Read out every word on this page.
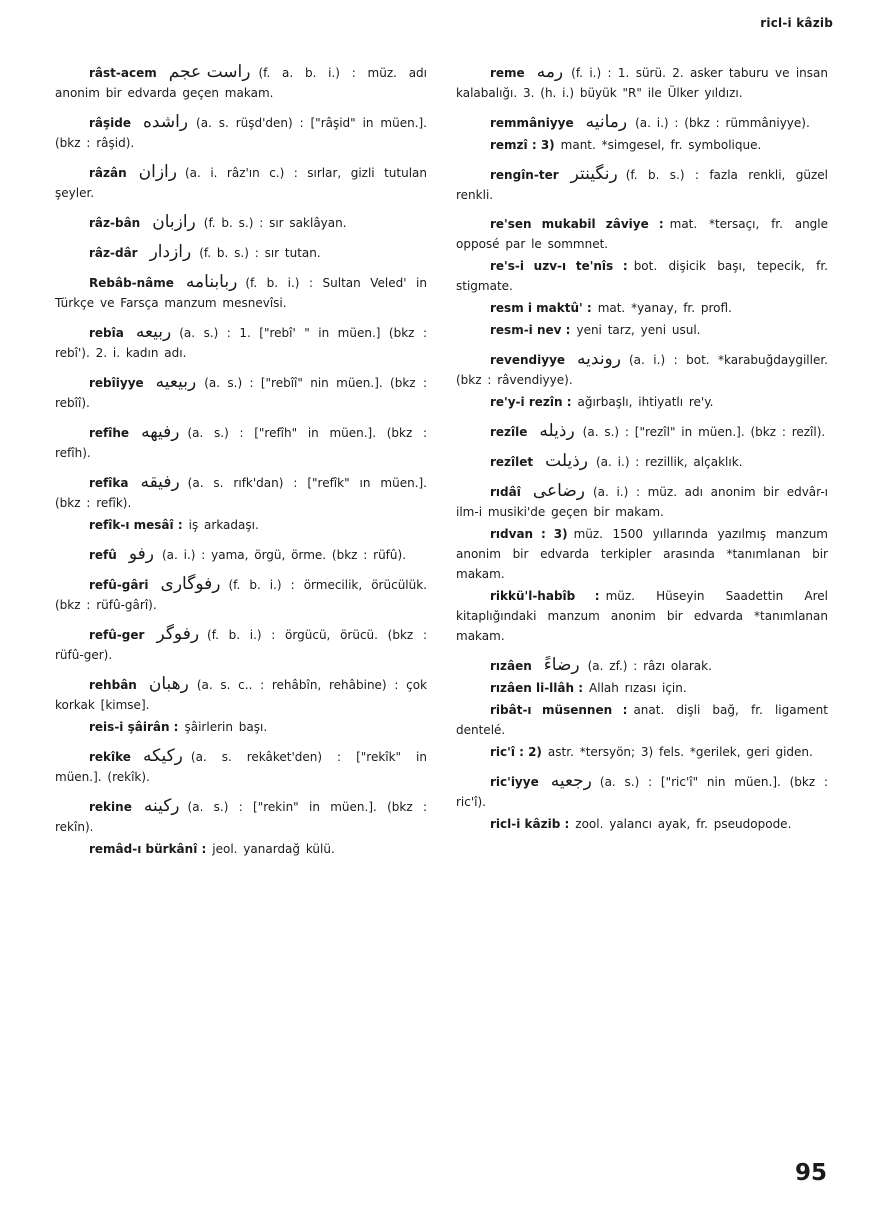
ricl-i kâzib
râst-acem راست عجم (f. a. b. i.) : müz. adı anonim bir edvarda geçen makam.
râşide راشده (a. s. rüşd'den) : ["râşid" in müen.]. (bkz : râşid).
râzân رازان (a. i. râz'ın c.) : sırlar, gizli tutulan şeyler.
râz-bân رازبان (f. b. s.) : sır saklâyan.
râz-dâr رازدار (f. b. s.) : sır tutan.
Rebâb-nâme ربابنامه (f. b. i.) : Sultan Veled' in Türkçe ve Farsça manzum mesnevîsi.
rebîa ربيعه (a. s.) : 1. ["rebî' " in müen.] (bkz : rebî'). 2. i. kadın adı.
rebîiyye ربيعيه (a. s.) : ["rebîî" nin müen.]. (bkz : rebîî).
refîhe رفيهه (a. s.) : ["refîh" in müen.]. (bkz : refîh).
refîka رفيقه (a. s. rıfk'dan) : ["refîk" ın müen.]. (bkz : refîk).
refîk-ı mesâî : iş arkadaşı.
refû رفو (a. i.) : yama, örgü, örme. (bkz : rüfû).
refû-gâri رفوگاری (f. b. i.) : örmecilik, örücülük. (bkz : rüfû-gârî).
refû-ger رفوگر (f. b. i.) : örgücü, örücü. (bkz : rüfû-ger).
rehbân رهبان (a. s. c.. : rehâbîn, rehâbine) : çok korkak [kimse].
reis-i şâirân : şâirlerin başı.
rekîke ركيكه (a. s. rekâket'den) : ["rekîk" in müen.]. (rekîk).
rekine ركينه (a. s.) : ["rekin" in müen.]. (bkz : rekîn).
remâd-ı bürkânî : jeol. yanardağ külü.
reme رمه (f. i.) : 1. sürü. 2. asker taburu ve insan kalabalığı. 3. (h. i.) büyük "R" ile Ülker yıldızı.
remmâniyye رمانيه (a. i.) : (bkz : rümmâniyye).
remzî : 3) mant. *simgesel, fr. symbolique.
rengîn-ter رنگينتر (f. b. s.) : fazla renkli, güzel renkli.
re'sen mukabil zâviye : mat. *tersaçı, fr. angle opposé par le sommnet.
re's-i uzv-ı te'nîs : bot. dişicik başı, tepecik, fr. stigmate.
resm i maktû' : mat. *yanay, fr. profl.
resm-i nev : yeni tarz, yeni usul.
revendiyye روندیه (a. i.) : bot. *karabuğdaygiller. (bkz : râvendiyye).
re'y-i rezîn : ağırbaşlı, ihtiyatlı re'y.
rezîle رذيله (a. s.) : ["rezîl" in müen.]. (bkz : rezîl).
rezîlet رذيلت (a. i.) : rezillik, alçaklık.
rıdâî رضاعی (a. i.) : müz. adı anonim bir edvâr-ı ilm-i musiki'de geçen bir makam.
rıdvan : 3) müz. 1500 yıllarında yazılmış manzum anonim bir edvarda terkipler arasında *tanımlanan bir makam.
rikkü'l-habîb : müz. Hüseyin Saadettin Arel kitaplığındaki manzum anonim bir edvarda *tanımlanan makam.
rızâen رضاءً (a. zf.) : râzı olarak.
rızâen li-llâh : Allah rızası için.
ribât-ı müsennen : anat. dişli bağ, fr. ligament dentelé.
ric'î : 2) astr. *tersyön; 3) fels. *gerilek, geri giden.
ric'iyye رجعيه (a. s.) : ["ric'î" nin müen.]. (bkz : ric'î).
ricl-i kâzib : zool. yalancı ayak, fr. pseudopode.
95
